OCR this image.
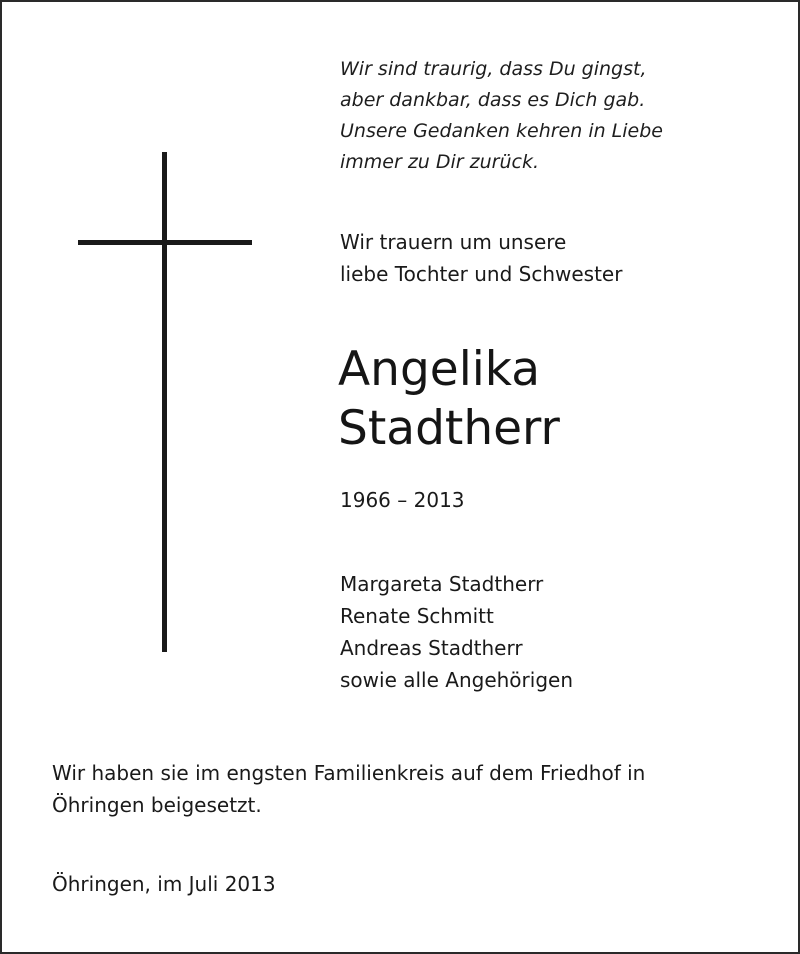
Wir sind traurig, dass Du gingst,
aber dankbar, dass es Dich gab.
Unsere Gedanken kehren in Liebe
immer zu Dir zurück.
Wir trauern um unsere
liebe Tochter und Schwester
Angelika
Stadtherr
1966 – 2013
Margareta Stadtherr
Renate Schmitt
Andreas Stadtherr
sowie alle Angehörigen
Wir haben sie im engsten Familienkreis auf dem Friedhof in
Öhringen beigesetzt.
Öhringen, im Juli 2013
